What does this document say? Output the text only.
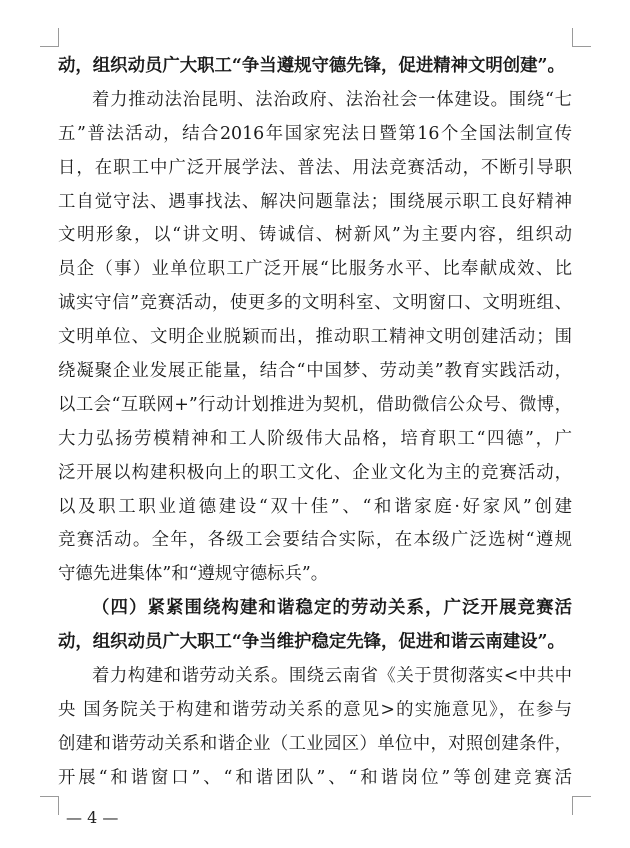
动，组织动员广大职工“争当遵规守德先锋，促进精神文明创建”。
着力推动法治昆明、法治政府、法治社会一体建设。围绕“七
五”普法活动，结合2016年国家宪法日暨第16个全国法制宣传
日，在职工中广泛开展学法、普法、用法竞赛活动，不断引导职
工自觉守法、遇事找法、解决问题靠法；围绕展示职工良好精神
文明形象，以“讲文明、铸诚信、树新风”为主要内容，组织动
员企（事）业单位职工广泛开展“比服务水平、比奉献成效、比
诚实守信”竞赛活动，使更多的文明科室、文明窗口、文明班组、
文明单位、文明企业脱颖而出，推动职工精神文明创建活动；围
绕凝聚企业发展正能量，结合“中国梦、劳动美”教育实践活动，
以工会“互联网+”行动计划推进为契机，借助微信公众号、微博，
大力弘扬劳模精神和工人阶级伟大品格，培育职工“四德”，广
泛开展以构建积极向上的职工文化、企业文化为主的竞赛活动，
以及职工职业道德建设“双十佳”、“和谐家庭·好家风”创建
竞赛活动。全年，各级工会要结合实际，在本级广泛选树“遵规
守德先进集体”和“遵规守德标兵”。
（四）紧紧围绕构建和谐稳定的劳动关系，广泛开展竞赛活
动，组织动员广大职工“争当维护稳定先锋，促进和谐云南建设”。
着力构建和谐劳动关系。围绕云南省《关于贯彻落实<中共中
央 国务院关于构建和谐劳动关系的意见>的实施意见》，在参与
创建和谐劳动关系和谐企业（工业园区）单位中，对照创建条件，
开展“和谐窗口”、“和谐团队”、“和谐岗位”等创建竞赛活
— 4 —
